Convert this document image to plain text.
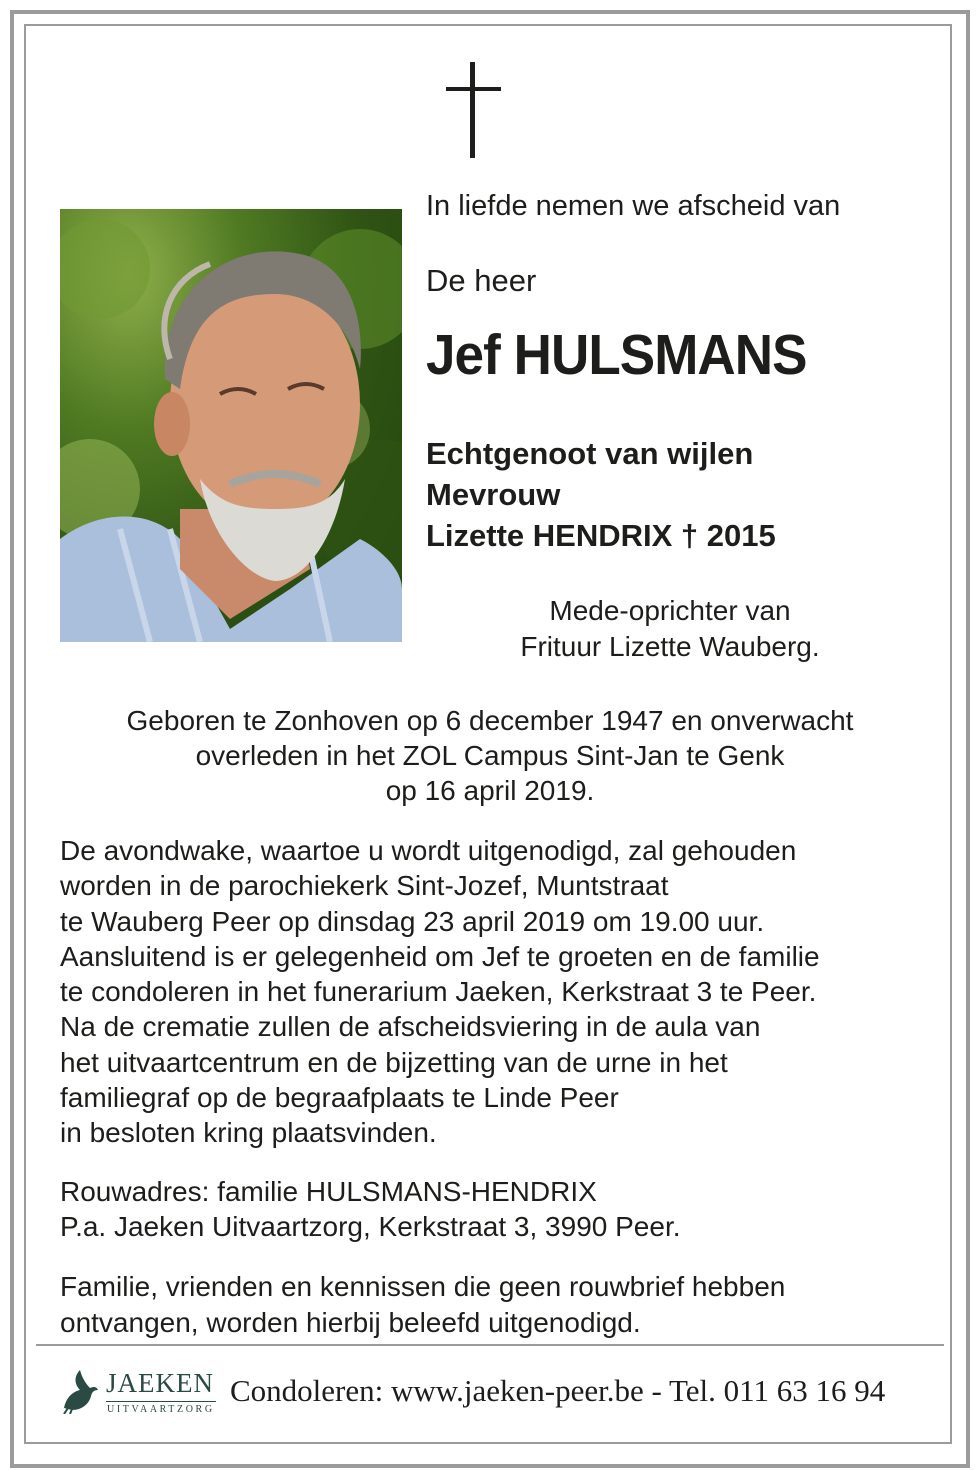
In liefde nemen we afscheid van
De heer
Jef HULSMANS
Echtgenoot van wijlen
Mevrouw
Lizette HENDRIX † 2015
Mede-oprichter van
Frituur Lizette Wauberg.
Geboren te Zonhoven op 6 december 1947 en onverwacht
overleden in het ZOL Campus Sint-Jan te Genk
op 16 april 2019.
De avondwake, waartoe u wordt uitgenodigd, zal gehouden
worden in de parochiekerk Sint-Jozef, Muntstraat
te Wauberg Peer op dinsdag 23 april 2019 om 19.00 uur.
Aansluitend is er gelegenheid om Jef te groeten en de familie
te condoleren in het funerarium Jaeken, Kerkstraat 3 te Peer.
Na de crematie zullen de afscheidsviering in de aula van
het uitvaartcentrum en de bijzetting van de urne in het
familiegraf op de begraafplaats te Linde Peer
in besloten kring plaatsvinden.
Rouwadres: familie HULSMANS-HENDRIX
P.a. Jaeken Uitvaartzorg, Kerkstraat 3, 3990 Peer.
Familie, vrienden en kennissen die geen rouwbrief hebben
ontvangen, worden hierbij beleefd uitgenodigd.
JAEKEN
UITVAARTZORG
Condoleren: www.jaeken-peer.be - Tel. 011 63 16 94
